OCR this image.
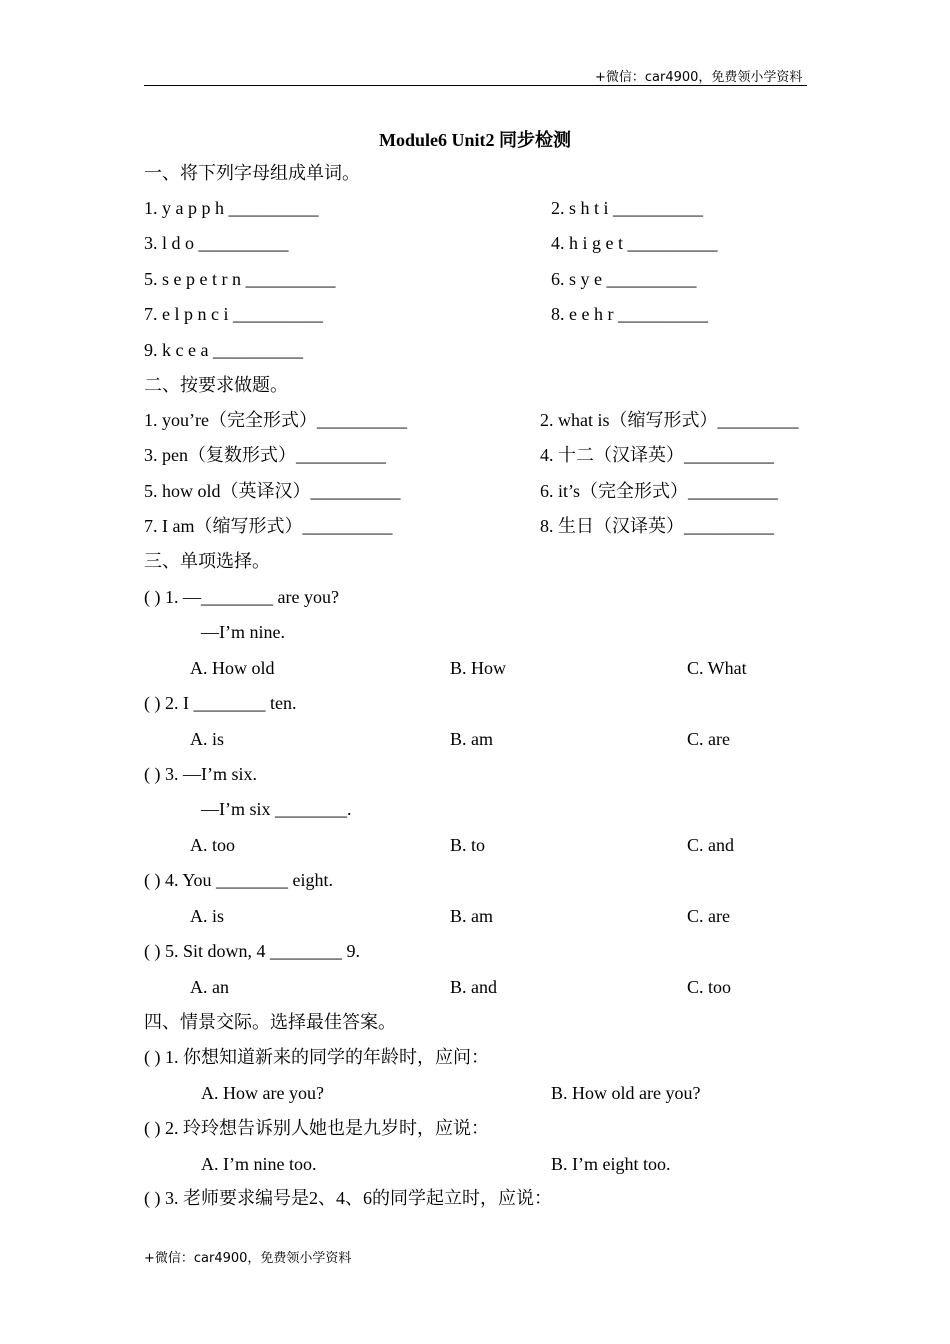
+微信：car4900，免费领小学资料
Module6 Unit2 同步检测
一、将下列字母组成单词。
1. y a p p h __________	2. s h t i __________
3. l d o __________	4. h i g e t __________
5. s e p e t r n __________	6. s y e __________
7. e l p n c i __________	8. e e h r __________
9. k c e a __________
二、按要求做题。
1. you’re（完全形式）__________	2. what is（缩写形式）_________
3. pen（复数形式）__________	4. 十二（汉译英）__________
5. how old（英译汉）__________	6. it’s（完全形式）__________
7. I am（缩写形式）__________	8. 生日（汉译英）__________
三、单项选择。
( ) 1. —________ are you?
—I’m nine.
A. How old	B. How	C. What
( ) 2. I ________ ten.
A. is	B. am	C. are
( ) 3. —I’m six.
—I’m six ________.
A. too	B. to	C. and
( ) 4. You ________ eight.
A. is	B. am	C. are
( ) 5. Sit down, 4 ________ 9.
A. an	B. and	C. too
四、情景交际。选择最佳答案。
( ) 1. 你想知道新来的同学的年龄时，应问：
A. How are you?	B. How old are you?
( ) 2. 玲玲想告诉别人她也是九岁时，应说：
A. I’m nine too.	B. I’m eight too.
( ) 3. 老师要求编号是2、4、6的同学起立时，应说：
+微信：car4900，免费领小学资料
